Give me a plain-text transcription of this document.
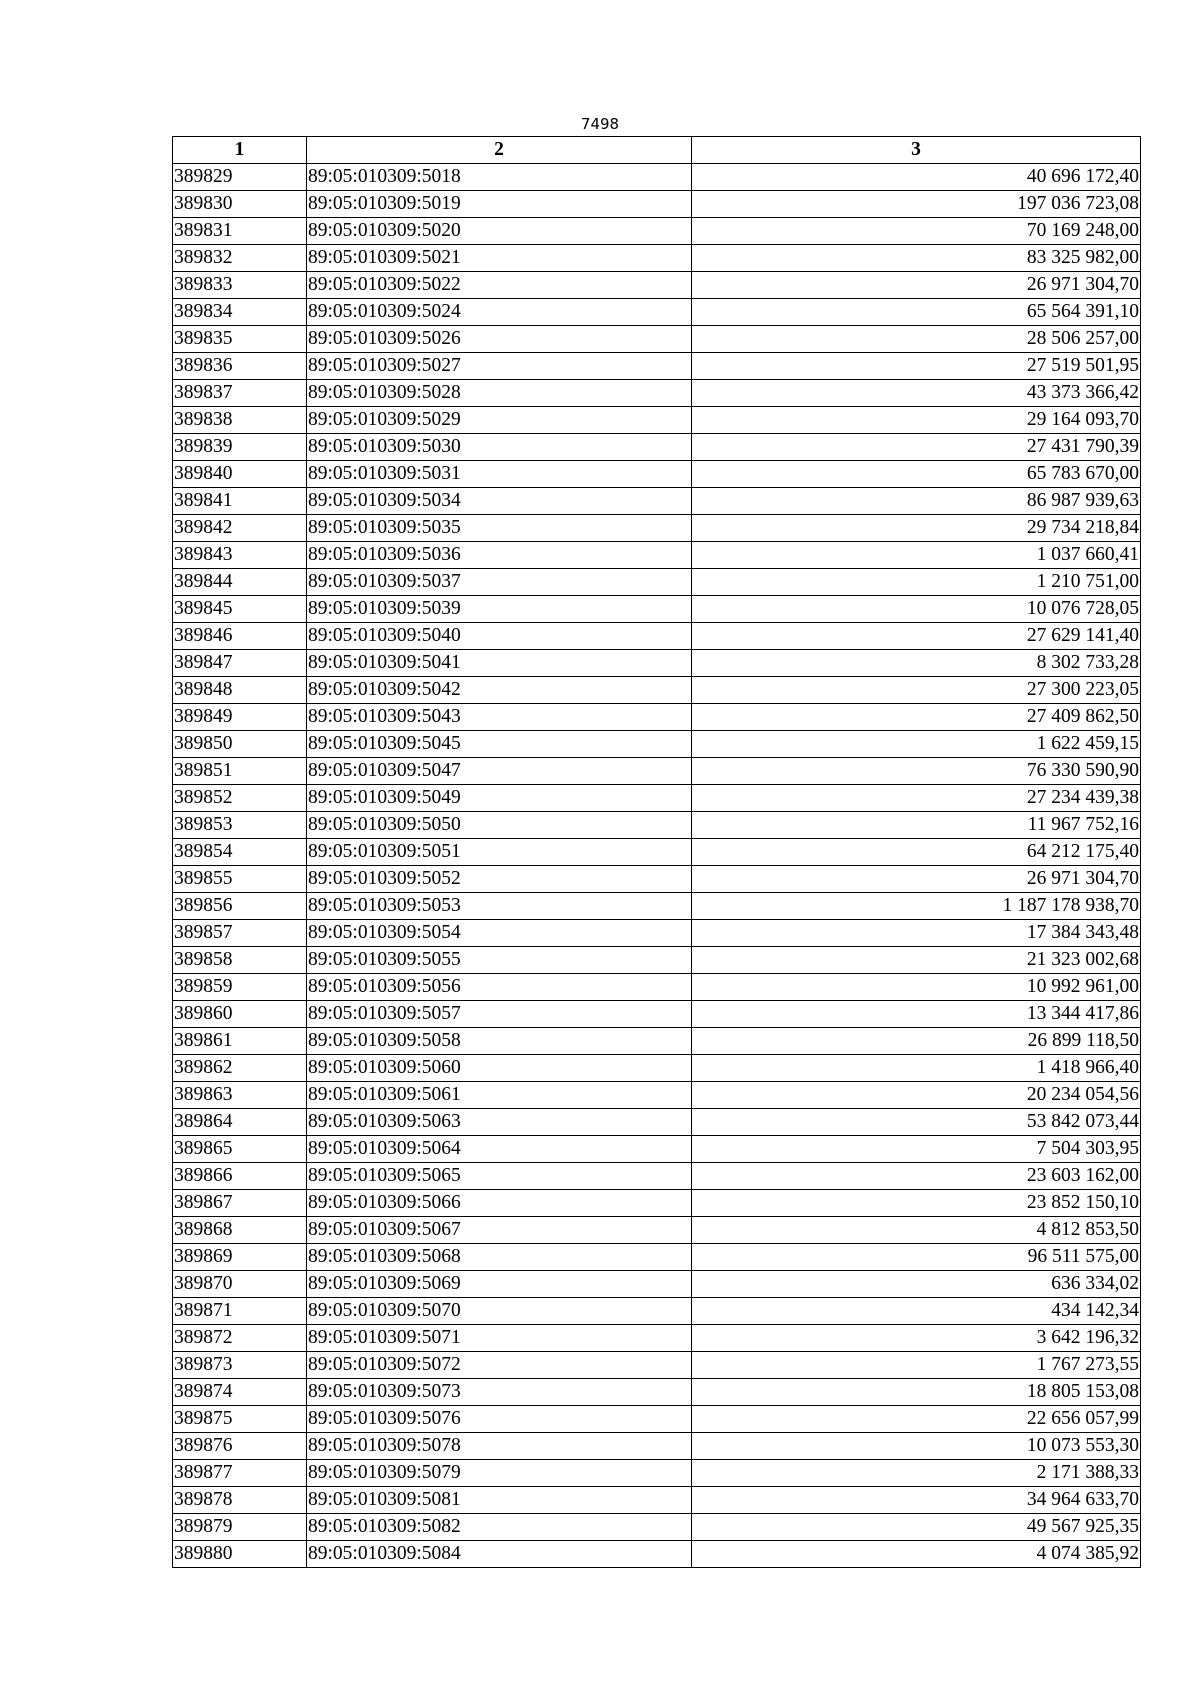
7498
1	2	3
389829	89:05:010309:5018	40 696 172,40
389830	89:05:010309:5019	197 036 723,08
389831	89:05:010309:5020	70 169 248,00
389832	89:05:010309:5021	83 325 982,00
389833	89:05:010309:5022	26 971 304,70
389834	89:05:010309:5024	65 564 391,10
389835	89:05:010309:5026	28 506 257,00
389836	89:05:010309:5027	27 519 501,95
389837	89:05:010309:5028	43 373 366,42
389838	89:05:010309:5029	29 164 093,70
389839	89:05:010309:5030	27 431 790,39
389840	89:05:010309:5031	65 783 670,00
389841	89:05:010309:5034	86 987 939,63
389842	89:05:010309:5035	29 734 218,84
389843	89:05:010309:5036	1 037 660,41
389844	89:05:010309:5037	1 210 751,00
389845	89:05:010309:5039	10 076 728,05
389846	89:05:010309:5040	27 629 141,40
389847	89:05:010309:5041	8 302 733,28
389848	89:05:010309:5042	27 300 223,05
389849	89:05:010309:5043	27 409 862,50
389850	89:05:010309:5045	1 622 459,15
389851	89:05:010309:5047	76 330 590,90
389852	89:05:010309:5049	27 234 439,38
389853	89:05:010309:5050	11 967 752,16
389854	89:05:010309:5051	64 212 175,40
389855	89:05:010309:5052	26 971 304,70
389856	89:05:010309:5053	1 187 178 938,70
389857	89:05:010309:5054	17 384 343,48
389858	89:05:010309:5055	21 323 002,68
389859	89:05:010309:5056	10 992 961,00
389860	89:05:010309:5057	13 344 417,86
389861	89:05:010309:5058	26 899 118,50
389862	89:05:010309:5060	1 418 966,40
389863	89:05:010309:5061	20 234 054,56
389864	89:05:010309:5063	53 842 073,44
389865	89:05:010309:5064	7 504 303,95
389866	89:05:010309:5065	23 603 162,00
389867	89:05:010309:5066	23 852 150,10
389868	89:05:010309:5067	4 812 853,50
389869	89:05:010309:5068	96 511 575,00
389870	89:05:010309:5069	636 334,02
389871	89:05:010309:5070	434 142,34
389872	89:05:010309:5071	3 642 196,32
389873	89:05:010309:5072	1 767 273,55
389874	89:05:010309:5073	18 805 153,08
389875	89:05:010309:5076	22 656 057,99
389876	89:05:010309:5078	10 073 553,30
389877	89:05:010309:5079	2 171 388,33
389878	89:05:010309:5081	34 964 633,70
389879	89:05:010309:5082	49 567 925,35
389880	89:05:010309:5084	4 074 385,92
